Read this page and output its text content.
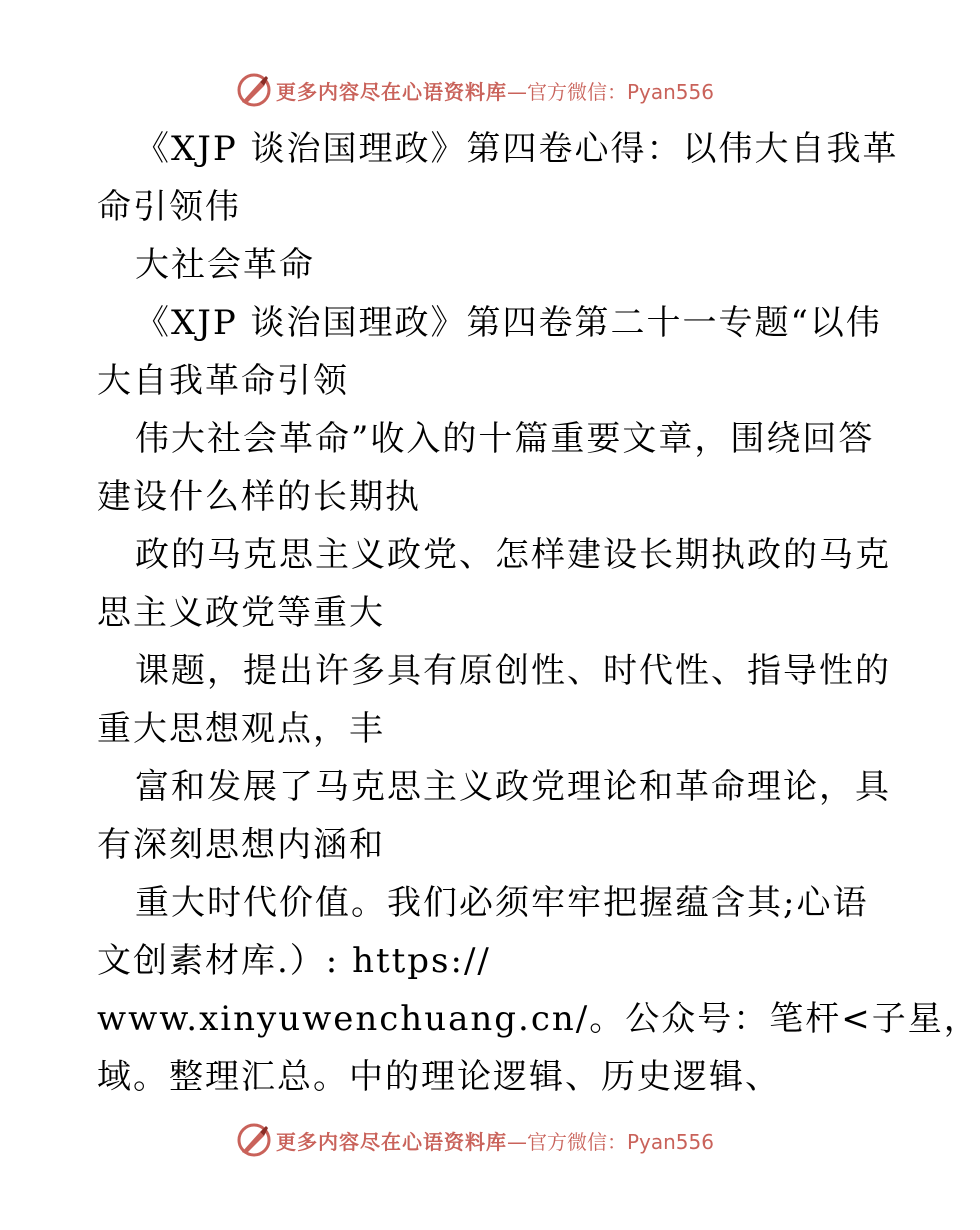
更多内容尽在心语资料库 —官方微信：Pyan556
《XJP 谈治国理政》第四卷心得：以伟大自我革
命引领伟
大社会革命
《XJP 谈治国理政》第四卷第二十一专题“以伟
大自我革命引领
伟大社会革命”收入的十篇重要文章，围绕回答
建设什么样的长期执
政的马克思主义政党、怎样建设长期执政的马克
思主义政党等重大
课题，提出许多具有原创性、时代性、指导性的
重大思想观点，丰
富和发展了马克思主义政党理论和革命理论，具
有深刻思想内涵和
重大时代价值。我们必须牢牢把握蕴含其;心语
文创素材库.）: https://
www.xinyuwenchuang.cn/。公众号：笔杆<子星，
域。整理汇总。中的理论逻辑、历史逻辑、
更多内容尽在心语资料库 —官方微信：Pyan556
